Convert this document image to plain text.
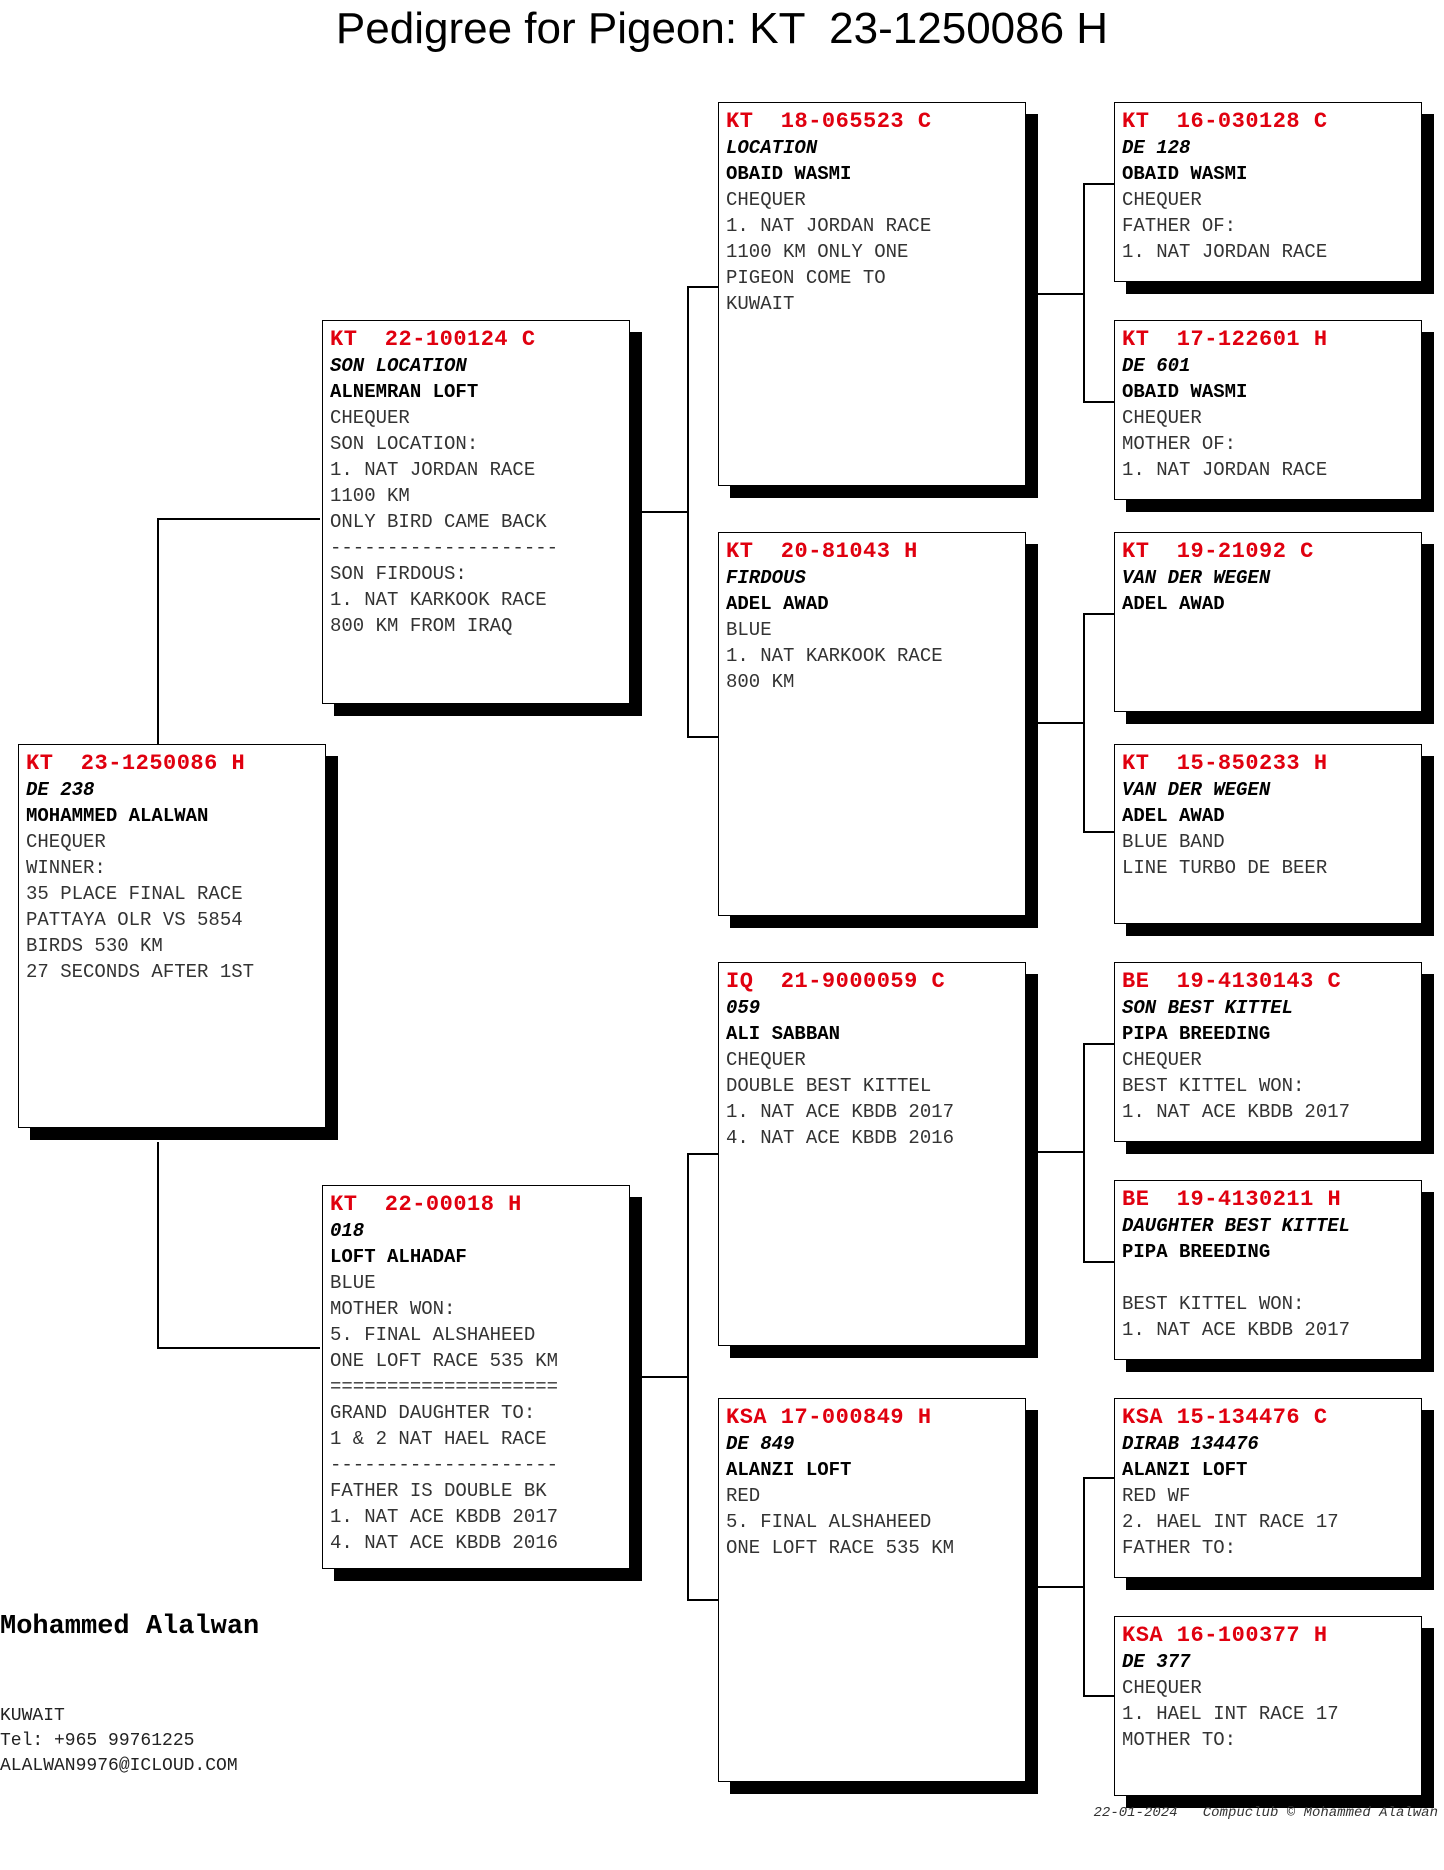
Pedigree for Pigeon: KT  23-1250086 H
KT  23-1250086 H
DE 238
MOHAMMED ALALWAN
CHEQUER
WINNER:
35 PLACE FINAL RACE
PATTAYA OLR VS 5854
BIRDS 530 KM
27 SECONDS AFTER 1ST
KT  22-100124 C
SON LOCATION
ALNEMRAN LOFT
CHEQUER
SON LOCATION:
1. NAT JORDAN RACE
1100 KM
ONLY BIRD CAME BACK
--------------------
SON FIRDOUS:
1. NAT KARKOOK RACE
800 KM FROM IRAQ
KT  22-00018 H
018
LOFT ALHADAF
BLUE
MOTHER WON:
5. FINAL ALSHAHEED
ONE LOFT RACE 535 KM
====================
GRAND DAUGHTER TO:
1 & 2 NAT HAEL RACE
--------------------
FATHER IS DOUBLE BK
1. NAT ACE KBDB 2017
4. NAT ACE KBDB 2016
KT  18-065523 C
LOCATION
OBAID WASMI
CHEQUER
1. NAT JORDAN RACE
1100 KM ONLY ONE
PIGEON COME TO
KUWAIT
KT  20-81043 H
FIRDOUS
ADEL AWAD
BLUE
1. NAT KARKOOK RACE
800 KM
IQ  21-9000059 C
059
ALI SABBAN
CHEQUER
DOUBLE BEST KITTEL
1. NAT ACE KBDB 2017
4. NAT ACE KBDB 2016
KSA 17-000849 H
DE 849
ALANZI LOFT
RED
5. FINAL ALSHAHEED
ONE LOFT RACE 535 KM
KT  16-030128 C
DE 128
OBAID WASMI
CHEQUER
FATHER OF:
1. NAT JORDAN RACE
KT  17-122601 H
DE 601
OBAID WASMI
CHEQUER
MOTHER OF:
1. NAT JORDAN RACE
KT  19-21092 C
VAN DER WEGEN
ADEL AWAD
KT  15-850233 H
VAN DER WEGEN
ADEL AWAD
BLUE BAND
LINE TURBO DE BEER
BE  19-4130143 C
SON BEST KITTEL
PIPA BREEDING
CHEQUER
BEST KITTEL WON:
1. NAT ACE KBDB 2017
BE  19-4130211 H
DAUGHTER BEST KITTEL
PIPA BREEDING
BEST KITTEL WON:
1. NAT ACE KBDB 2017
KSA 15-134476 C
DIRAB 134476
ALANZI LOFT
RED WF
2. HAEL INT RACE 17
FATHER TO:
KSA 16-100377 H
DE 377
CHEQUER
1. HAEL INT RACE 17
MOTHER TO:
Mohammed Alalwan
KUWAIT
Tel: +965 99761225
ALALWAN9976@ICLOUD.COM
22-01-2024   Compuclub © Mohammed Alalwan
